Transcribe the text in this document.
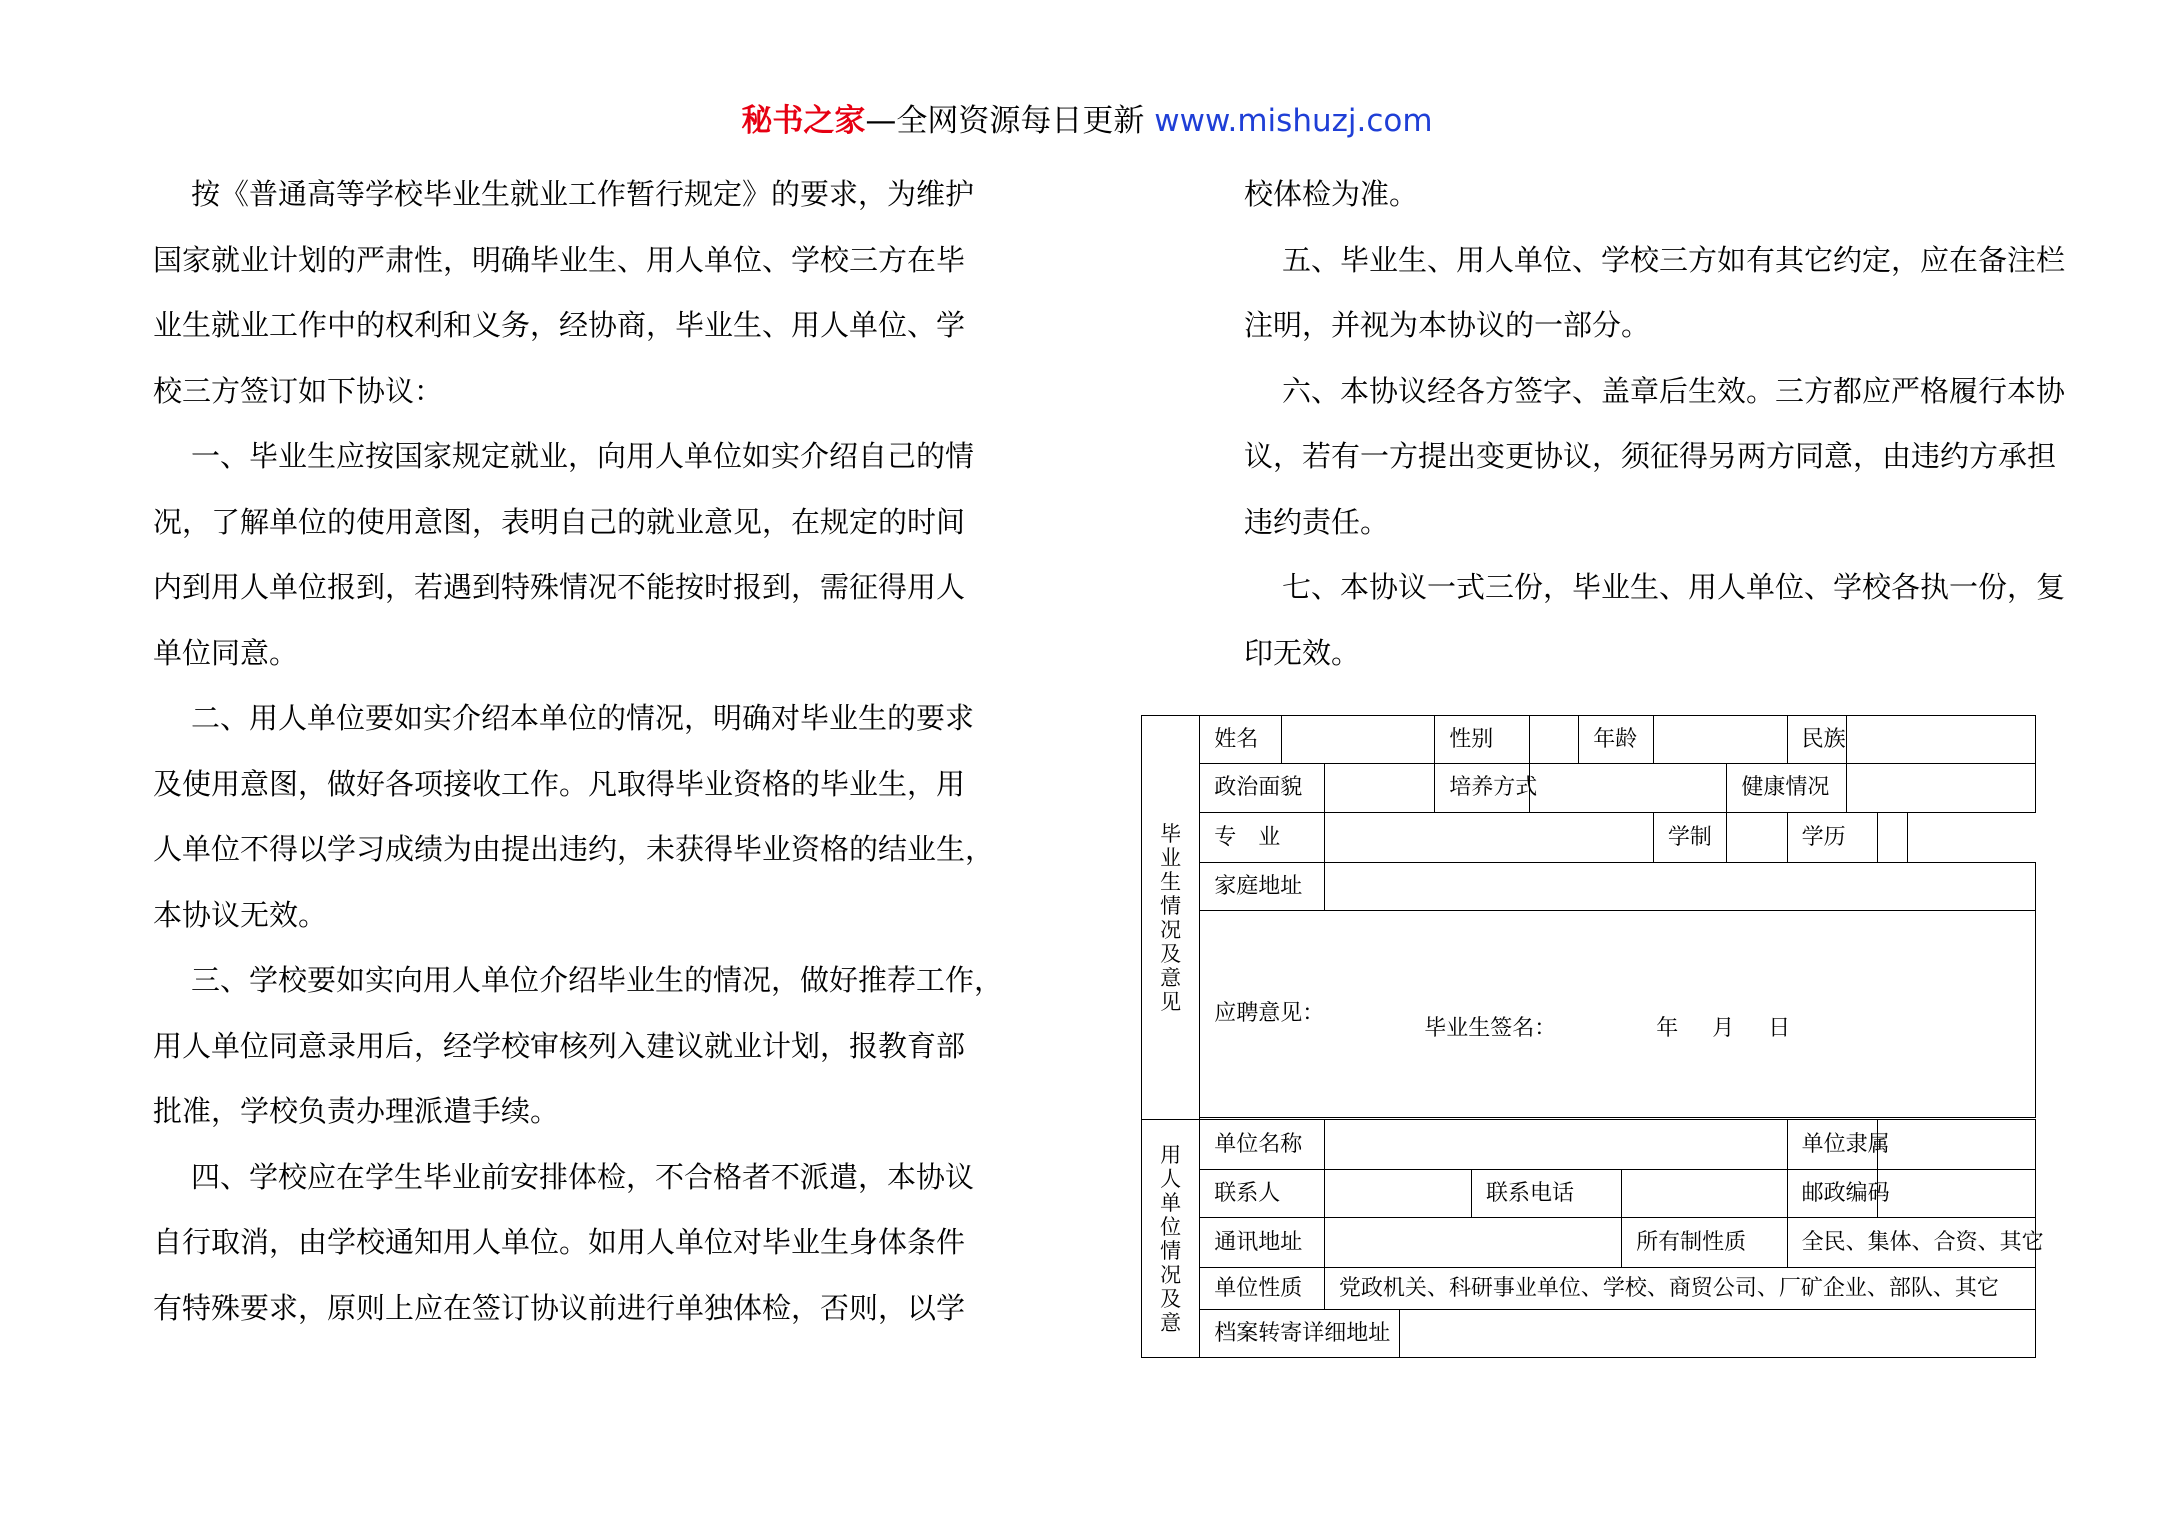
秘书之家—全网资源每日更新 www.mishuzj.com

按《普通高等学校毕业生就业工作暂行规定》的要求，为维护

国家就业计划的严肃性，明确毕业生、用人单位、学校三方在毕

业生就业工作中的权利和义务，经协商，毕业生、用人单位、学

校三方签订如下协议：

一、毕业生应按国家规定就业，向用人单位如实介绍自己的情

况，了解单位的使用意图，表明自己的就业意见，在规定的时间

内到用人单位报到，若遇到特殊情况不能按时报到，需征得用人

单位同意。

二、用人单位要如实介绍本单位的情况，明确对毕业生的要求

及使用意图，做好各项接收工作。凡取得毕业资格的毕业生，用

人单位不得以学习成绩为由提出违约，未获得毕业资格的结业生，

本协议无效。

三、学校要如实向用人单位介绍毕业生的情况，做好推荐工作，

用人单位同意录用后，经学校审核列入建议就业计划，报教育部

批准，学校负责办理派遣手续。

四、学校应在学生毕业前安排体检，不合格者不派遣，本协议

自行取消，由学校通知用人单位。如用人单位对毕业生身体条件

有特殊要求，原则上应在签订协议前进行单独体检，否则，以学

校体检为准。

五、毕业生、用人单位、学校三方如有其它约定，应在备注栏

注明，并视为本协议的一部分。

六、本协议经各方签字、盖章后生效。三方都应严格履行本协

议，若有一方提出变更协议，须征得另两方同意，由违约方承担

违约责任。

七、本协议一式三份，毕业生、用人单位、学校各执一份，复

印无效。

毕业生情况及意见	姓名				性别			年龄				民族		
	政治面貌				培养方式						健康情况			
	专　业									学制		学历		
	家庭地址													
	应聘意见：
毕业生签名： 年 月 日													

用人单位情况及意	单位名称											单位隶属		
	联系人					联系电话						邮政编码		
	通讯地址								所有制性质			全民、集体、合资、其它		
	单位性质		党政机关、科研事业单位、学校、商贸公司、厂矿企业、部队、其它											
	档案转寄详细地址													
